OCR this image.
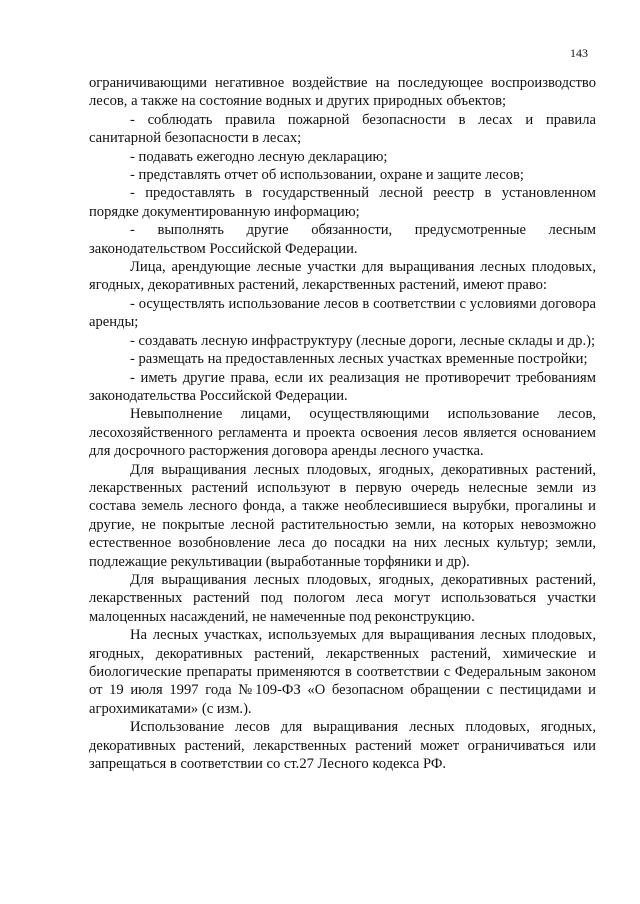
143

ограничивающими негативное воздействие на последующее воспроизводство лесов, а также на состояние водных и других природных объектов;

- соблюдать правила пожарной безопасности в лесах и правила санитарной безопасности в лесах;

- подавать ежегодно лесную декларацию;

- представлять отчет об использовании, охране и защите лесов;

- предоставлять в государственный лесной реестр в установленном порядке документированную информацию;

- выполнять другие обязанности, предусмотренные лесным законодательством Российской Федерации.

Лица, арендующие лесные участки для выращивания лесных плодовых, ягодных, декоративных растений, лекарственных растений, имеют право:

- осуществлять использование лесов в соответствии с условиями договора аренды;

- создавать лесную инфраструктуру (лесные дороги, лесные склады и др.);

- размещать на предоставленных лесных участках временные постройки;

- иметь другие права, если их реализация не противоречит требованиям законодательства Российской Федерации.

Невыполнение лицами, осуществляющими использование лесов, лесохозяйственного регламента и проекта освоения лесов является основанием для досрочного расторжения договора аренды лесного участка.

Для выращивания лесных плодовых, ягодных, декоративных растений, лекарственных растений используют в первую очередь нелесные земли из состава земель лесного фонда, а также необлесившиеся вырубки, прогалины и другие, не покрытые лесной растительностью земли, на которых невозможно естественное возобновление леса до посадки на них лесных культур; земли, подлежащие рекультивации (выработанные торфяники и др).

Для выращивания лесных плодовых, ягодных, декоративных растений, лекарственных растений под пологом леса могут использоваться участки малоценных насаждений, не намеченные под реконструкцию.

На лесных участках, используемых для выращивания лесных плодовых, ягодных, декоративных растений, лекарственных растений, химические и биологические препараты применяются в соответствии с Федеральным законом от 19 июля 1997 года №109-ФЗ «О безопасном обращении с пестицидами и агрохимикатами» (с изм.).

Использование лесов для выращивания лесных плодовых, ягодных, декоративных растений, лекарственных растений может ограничиваться или запрещаться в соответствии со ст.27 Лесного кодекса РФ.
